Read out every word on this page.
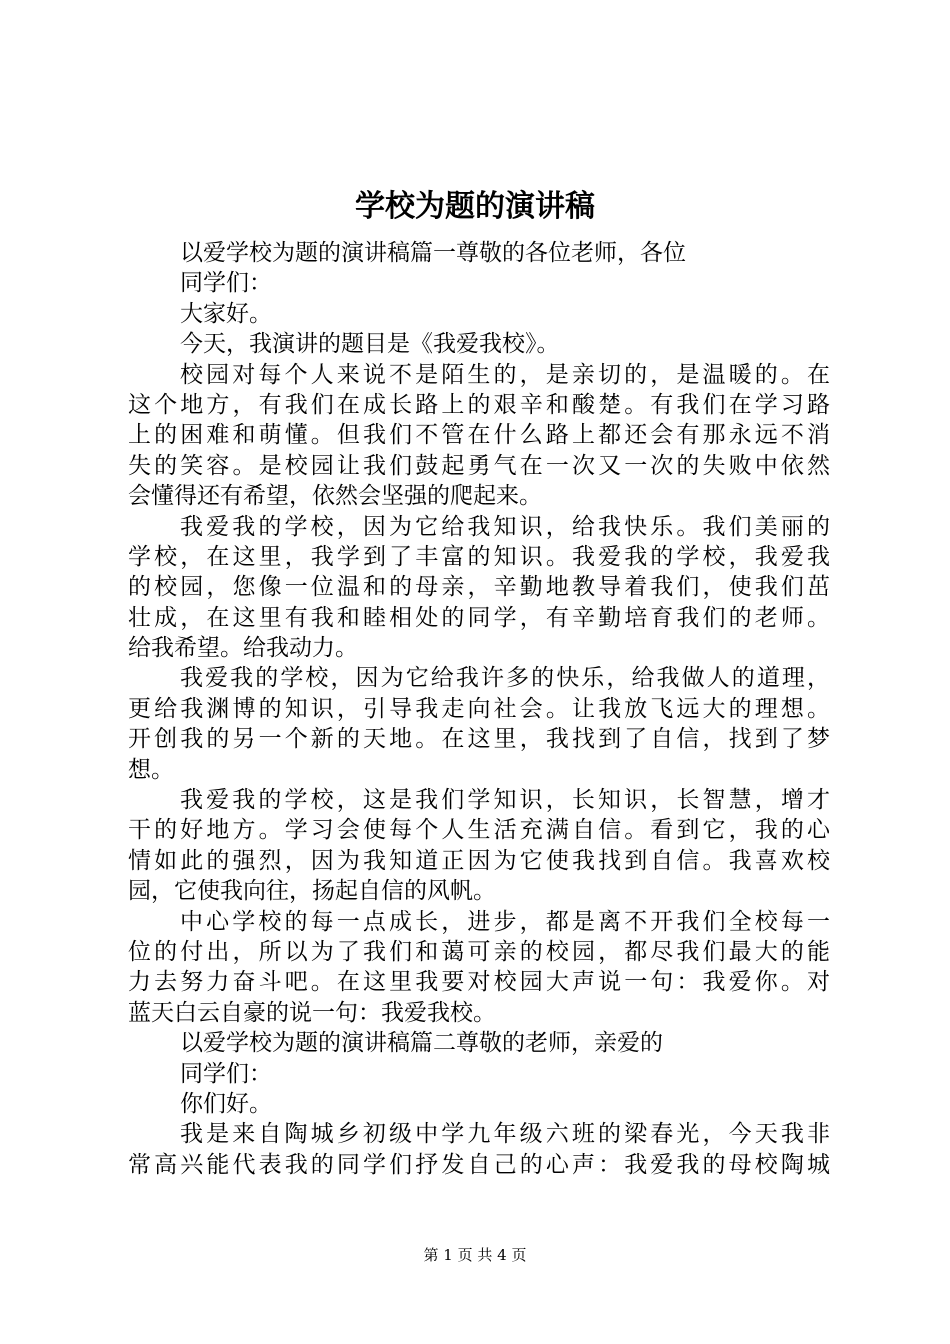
学校为题的演讲稿
以爱学校为题的演讲稿篇一尊敬的各位老师，各位
同学们：
大家好。
今天，我演讲的题目是《我爱我校》。
校园对每个人来说不是陌生的，是亲切的，是温暖的。在
这个地方，有我们在成长路上的艰辛和酸楚。有我们在学习路
上的困难和萌懂。但我们不管在什么路上都还会有那永远不消
失的笑容。是校园让我们鼓起勇气在一次又一次的失败中依然
会懂得还有希望，依然会坚强的爬起来。
我爱我的学校，因为它给我知识，给我快乐。我们美丽的
学校，在这里，我学到了丰富的知识。我爱我的学校，我爱我
的校园，您像一位温和的母亲，辛勤地教导着我们，使我们茁
壮成，在这里有我和睦相处的同学，有辛勤培育我们的老师。
给我希望。给我动力。
我爱我的学校，因为它给我许多的快乐，给我做人的道理，
更给我渊博的知识，引导我走向社会。让我放飞远大的理想。
开创我的另一个新的天地。在这里，我找到了自信，找到了梦
想。
我爱我的学校，这是我们学知识，长知识，长智慧，增才
干的好地方。学习会使每个人生活充满自信。看到它，我的心
情如此的强烈，因为我知道正因为它使我找到自信。我喜欢校
园，它使我向往，扬起自信的风帆。
中心学校的每一点成长，进步，都是离不开我们全校每一
位的付出，所以为了我们和蔼可亲的校园，都尽我们最大的能
力去努力奋斗吧。在这里我要对校园大声说一句：我爱你。对
蓝天白云自豪的说一句：我爱我校。
以爱学校为题的演讲稿篇二尊敬的老师，亲爱的
同学们：
你们好。
我是来自陶城乡初级中学九年级六班的梁春光，今天我非
常高兴能代表我的同学们抒发自己的心声：我爱我的母校陶城
第 1 页 共 4 页
